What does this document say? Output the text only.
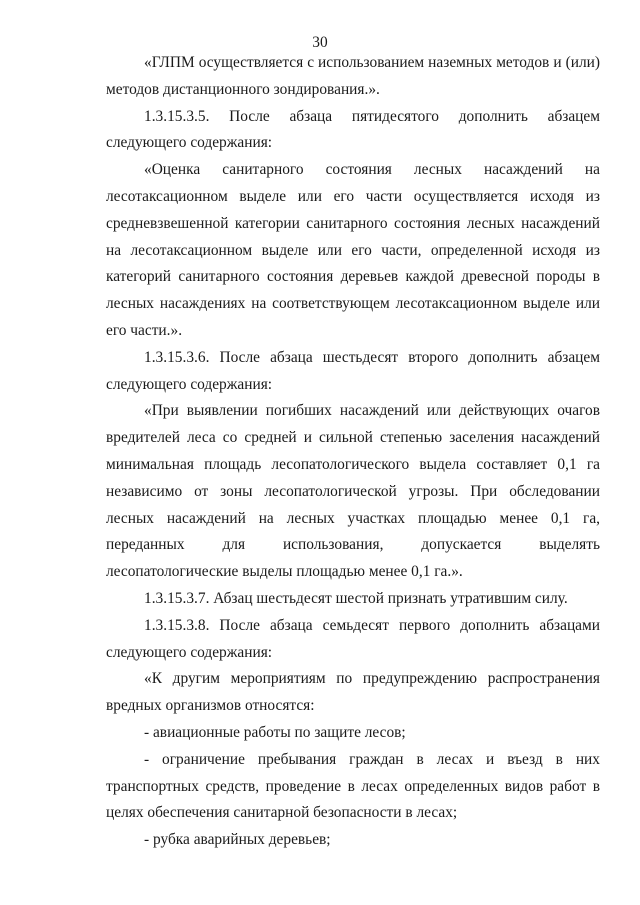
30

«ГЛПМ осуществляется с использованием наземных методов и (или) методов дистанционного зондирования.».

1.3.15.3.5. После абзаца пятидесятого дополнить абзацем следующего содержания:

«Оценка санитарного состояния лесных насаждений на лесотаксационном выделе или его части осуществляется исходя из средневзвешенной категории санитарного состояния лесных насаждений на лесотаксационном выделе или его части, определенной исходя из категорий санитарного состояния деревьев каждой древесной породы в лесных насаждениях на соответствующем лесотаксационном выделе или его части.».

1.3.15.3.6. После абзаца шестьдесят второго дополнить абзацем следующего содержания:

«При выявлении погибших насаждений или действующих очагов вредителей леса со средней и сильной степенью заселения насаждений минимальная площадь лесопатологического выдела составляет 0,1 га независимо от зоны лесопатологической угрозы. При обследовании лесных насаждений на лесных участках площадью менее 0,1 га, переданных для использования, допускается выделять лесопатологические выделы площадью менее 0,1 га.».

1.3.15.3.7. Абзац шестьдесят шестой признать утратившим силу.

1.3.15.3.8. После абзаца семьдесят первого дополнить абзацами следующего содержания:

«К другим мероприятиям по предупреждению распространения вредных организмов относятся:

- авиационные работы по защите лесов;

- ограничение пребывания граждан в лесах и въезд в них транспортных средств, проведение в лесах определенных видов работ в целях обеспечения санитарной безопасности в лесах;

- рубка аварийных деревьев;
